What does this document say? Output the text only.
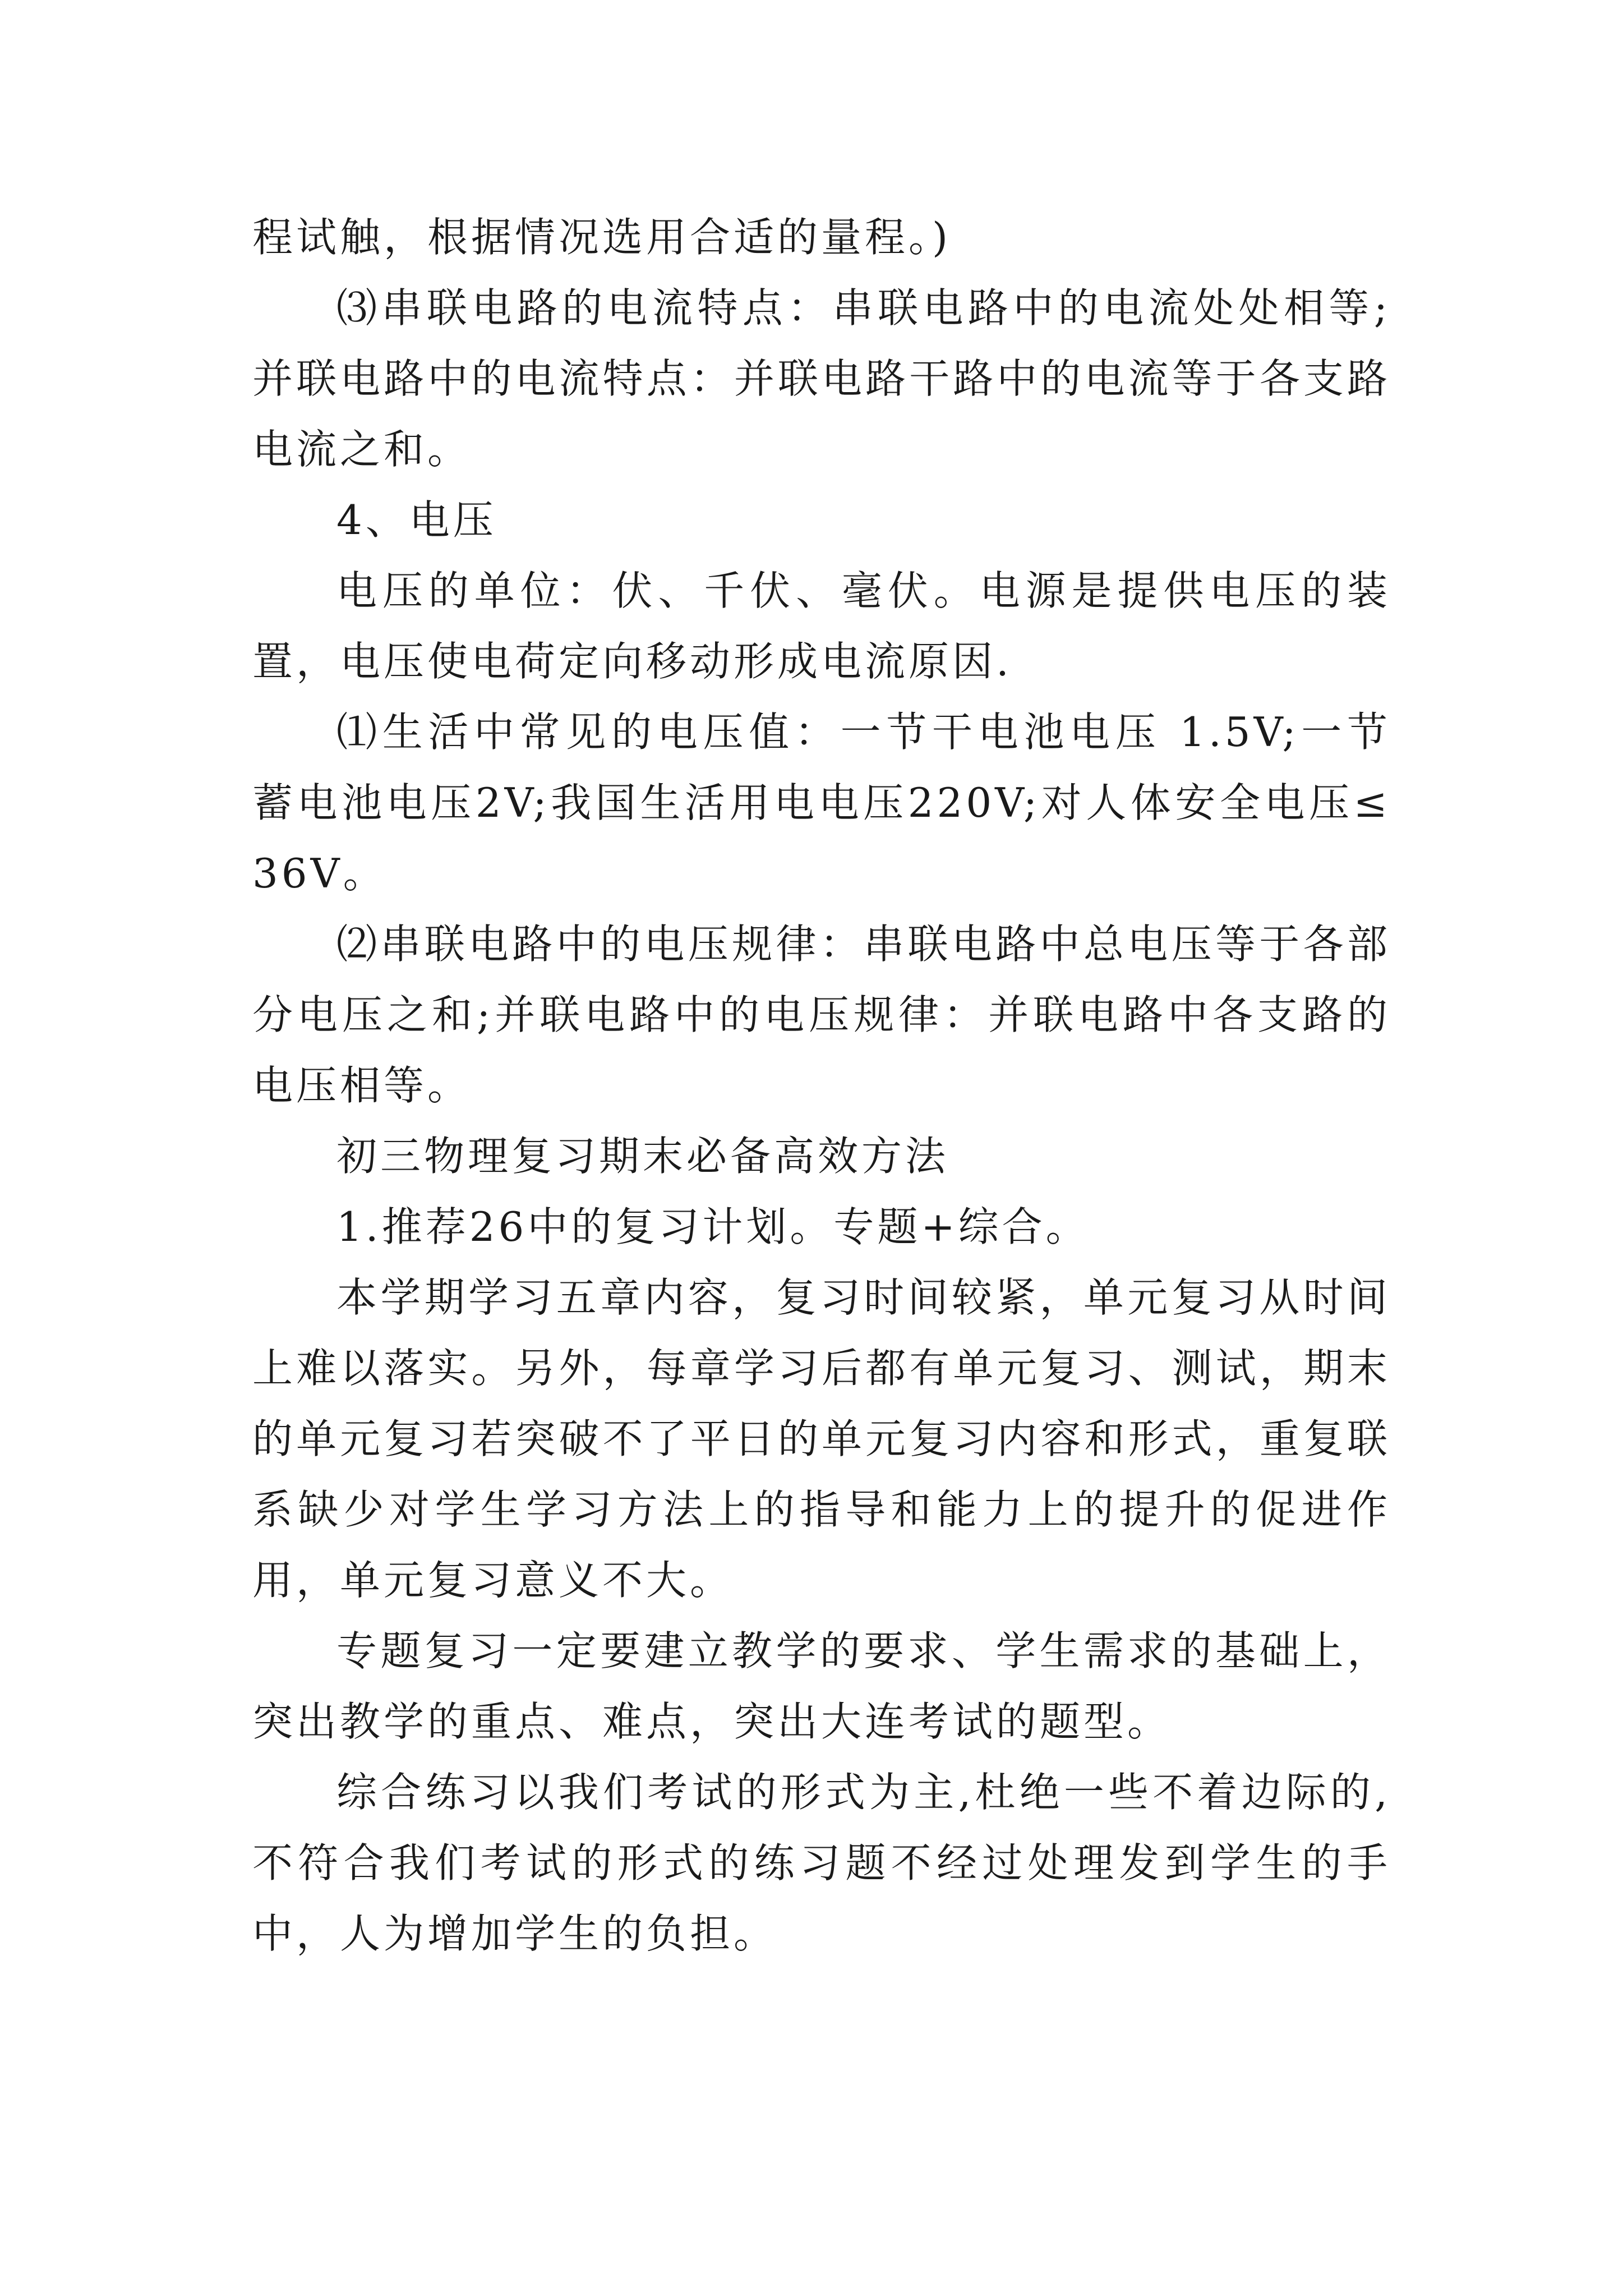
程试触，根据情况选用合适的量程。)

⑶串联电路的电流特点：串联电路中的电流处处相等;并联电路中的电流特点：并联电路干路中的电流等于各支路电流之和。

4、电压

电压的单位：伏、千伏、毫伏。电源是提供电压的装置，电压使电荷定向移动形成电流原因.

⑴生活中常见的电压值：一节干电池电压 1.5V;一节蓄电池电压2V;我国生活用电电压220V;对人体安全电压≤36V。

⑵串联电路中的电压规律：串联电路中总电压等于各部分电压之和;并联电路中的电压规律：并联电路中各支路的电压相等。

初三物理复习期末必备高效方法

1.推荐26中的复习计划。专题+综合。

本学期学习五章内容，复习时间较紧，单元复习从时间上难以落实。另外，每章学习后都有单元复习、测试，期末的单元复习若突破不了平日的单元复习内容和形式，重复联系缺少对学生学习方法上的指导和能力上的提升的促进作用，单元复习意义不大。

专题复习一定要建立教学的要求、学生需求的基础上，突出教学的重点、难点，突出大连考试的题型。

综合练习以我们考试的形式为主,杜绝一些不着边际的,不符合我们考试的形式的练习题不经过处理发到学生的手中，人为增加学生的负担。
